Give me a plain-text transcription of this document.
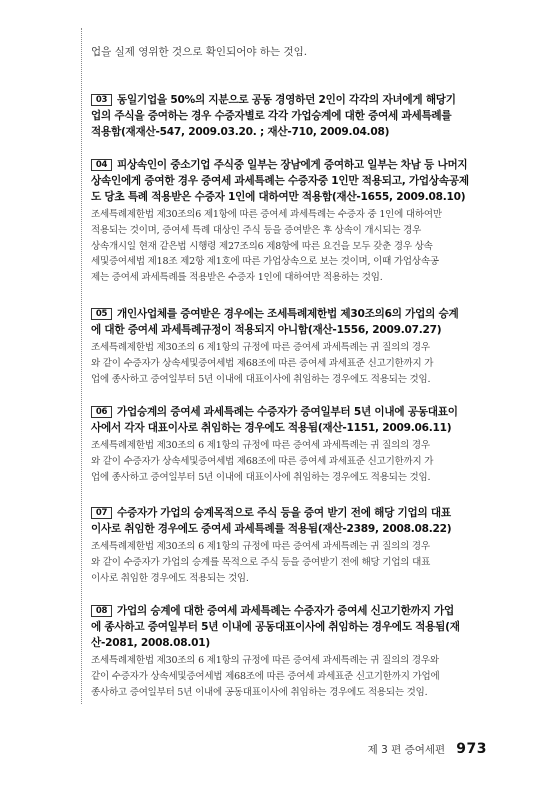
업을 실제 영위한 것으로 확인되어야 하는 것임.
03 동일기업을 50%의 지분으로 공동 경영하던 2인이 각각의 자녀에게 해당기
업의 주식을 증여하는 경우 수증자별로 각각 가업승계에 대한 증여세 과세특례를
적용함(재재산-547, 2009.03.20. ; 재산-710, 2009.04.08)
04 피상속인이 중소기업 주식중 일부는 장남에게 증여하고 일부는 차남 등 나머지
상속인에게 증여한 경우 증여세 과세특례는 수증자중 1인만 적용되고, 가업상속공제
도 당초 특례 적용받은 수증자 1인에 대하여만 적용함(재산-1655, 2009.08.10)
조세특례제한법 제30조의6 제1항에 따른 증여세 과세특례는 수증자 중 1인에 대하여만
적용되는 것이며, 증여세 특례 대상인 주식 등을 증여받은 후 상속이 개시되는 경우
상속개시일 현재 같은법 시행령 제27조의6 제8항에 따른 요건을 모두 갖춘 경우 상속
세및증여세법 제18조 제2항 제1호에 따른 가업상속으로 보는 것이며, 이때 가업상속공
제는 증여세 과세특례를 적용받은 수증자 1인에 대하여만 적용하는 것임.
05 개인사업체를 증여받은 경우에는 조세특례제한법 제30조의6의 가업의 승계
에 대한 증여세 과세특례규정이 적용되지 아니함(재산-1556, 2009.07.27)
조세특례제한법 제30조의 6 제1항의 규정에 따른 증여세 과세특례는 귀 질의의 경우
와 같이 수증자가 상속세및증여세법 제68조에 따른 증여세 과세표준 신고기한까지 가
업에 종사하고 증여일부터 5년 이내에 대표이사에 취임하는 경우에도 적용되는 것임.
06 가업승계의 증여세 과세특례는 수증자가 증여일부터 5년 이내에 공동대표이
사에서 각자 대표이사로 취임하는 경우에도 적용됨(재산-1151, 2009.06.11)
조세특례제한법 제30조의 6 제1항의 규정에 따른 증여세 과세특례는 귀 질의의 경우
와 같이 수증자가 상속세및증여세법 제68조에 따른 증여세 과세표준 신고기한까지 가
업에 종사하고 증여일부터 5년 이내에 대표이사에 취임하는 경우에도 적용되는 것임.
07 수증자가 가업의 승계목적으로 주식 등을 증여 받기 전에 해당 기업의 대표
이사로 취임한 경우에도 증여세 과세특례를 적용됨(재산-2389, 2008.08.22)
조세특례제한법 제30조의 6 제1항의 규정에 따른 증여세 과세특례는 귀 질의의 경우
와 같이 수증자가 가업의 승계를 목적으로 주식 등을 증여받기 전에 해당 기업의 대표
이사로 취임한 경우에도 적용되는 것임.
08 가업의 승계에 대한 증여세 과세특례는 수증자가 증여세 신고기한까지 가업
에 종사하고 증여일부터 5년 이내에 공동대표이사에 취임하는 경우에도 적용됨(재
산-2081, 2008.08.01)
조세특례제한법 제30조의 6 제1항의 규정에 따른 증여세 과세특례는 귀 질의의 경우와
같이 수증자가 상속세및증여세법 제68조에 따른 증여세 과세표준 신고기한까지 가업에
종사하고 증여일부터 5년 이내에 공동대표이사에 취임하는 경우에도 적용되는 것임.
제 3 편 증여세편 973
